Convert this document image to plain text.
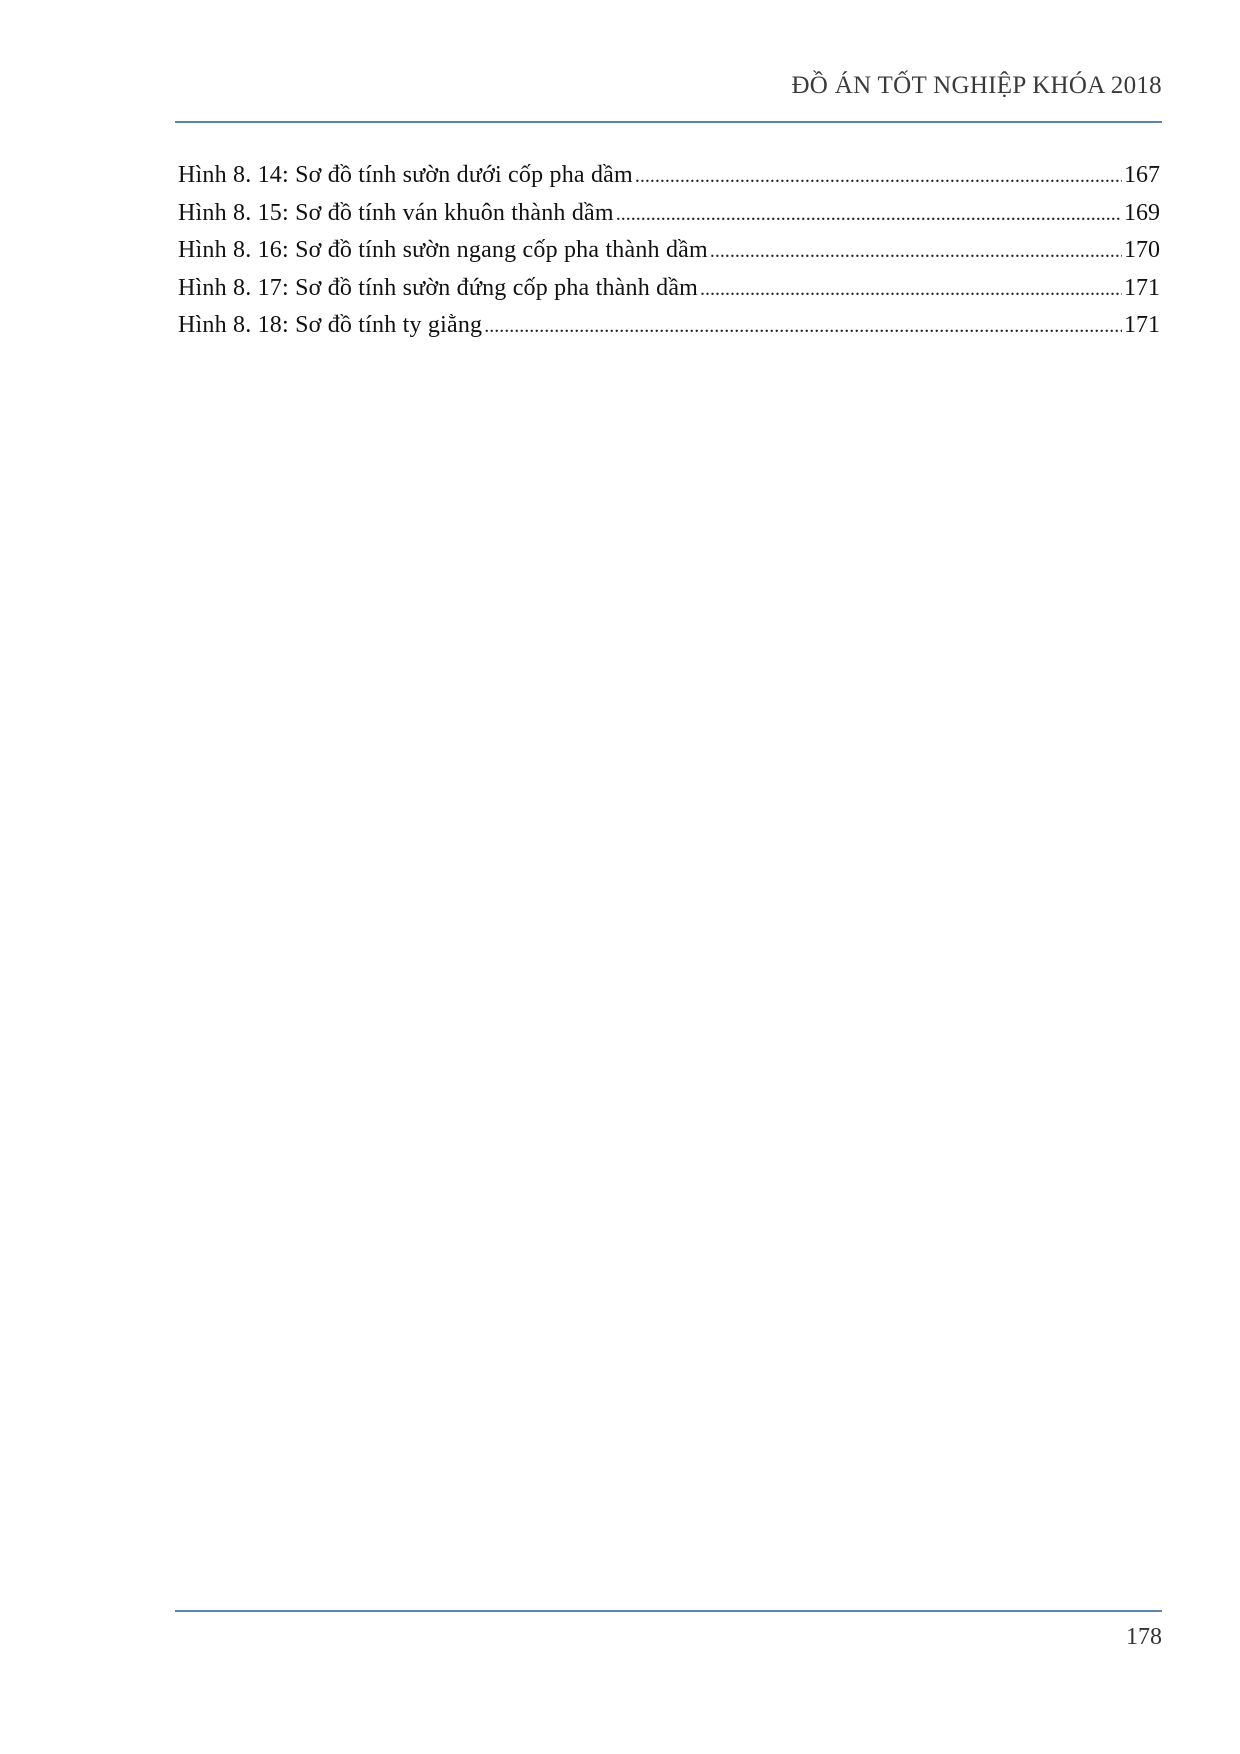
ĐỒ ÁN TỐT NGHIỆP KHÓA 2018
Hình 8. 14: Sơ đồ tính sườn dưới cốp pha dầm .....	167
Hình 8. 15: Sơ đồ tính ván khuôn thành dầm .....	169
Hình 8. 16: Sơ đồ tính sườn ngang cốp pha thành dầm .....	170
Hình 8. 17: Sơ đồ tính sườn đứng cốp pha thành dầm .....	171
Hình 8. 18: Sơ đồ tính ty giằng .....	171
178
